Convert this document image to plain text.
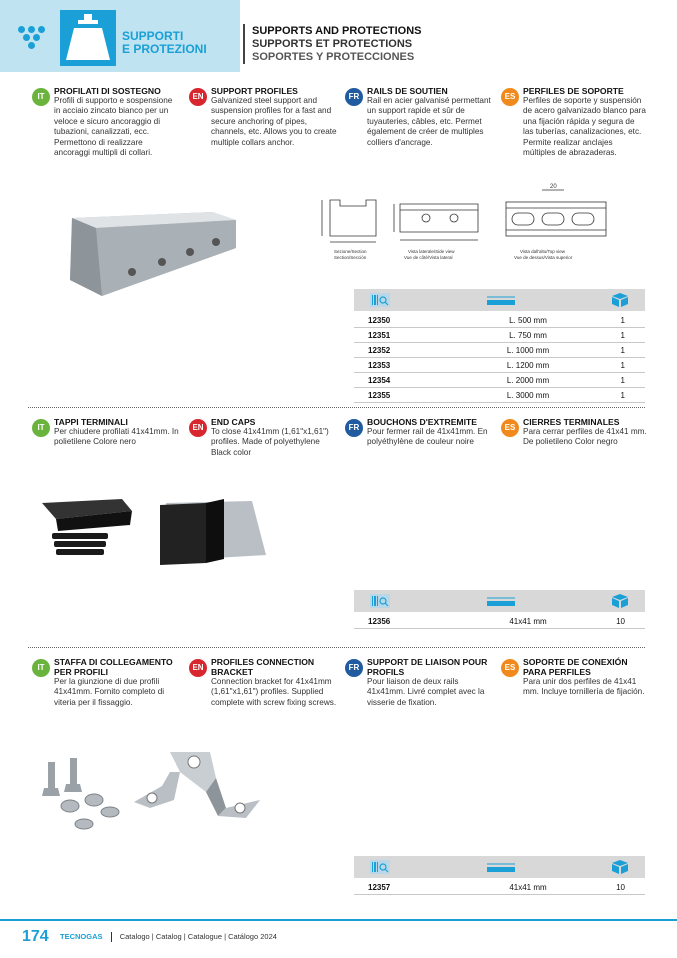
SUPPORTI
E PROTEZIONI
SUPPORTS AND PROTECTIONS
SUPPORTS ET PROTECTIONS
SOPORTES Y PROTECCIONES
IT
PROFILATI DI SOSTEGNO
Profili di supporto e sospensione in acciaio zincato bianco per un veloce e sicuro ancoraggio di tubazioni, canalizzati, ecc. Permettono di realizzare ancoraggi multipli di collari.
EN
SUPPORT PROFILES
Galvanized steel support and suspension profiles for a fast and secure anchoring of pipes, channels, etc. Allows you to create multiple collars anchor.
FR
RAILS DE SOUTIEN
Rail en acier galvanisé permettant un support rapide et sûr de tuyauteries, câbles, etc. Permet également de créer de multiples colliers d'ancrage.
ES
PERFILES DE SOPORTE
Perfiles de soporte y suspensión de acero galvanizado blanco para una fijación rápida y segura de las tuberías, canalizaciones, etc. Permite realizar anclajes múltiples de abrazaderas.
20
Sezione/Section
Section/Sección
Vista laterale/Side view
Vue de côté/Vista lateral
Vista dall'alto/Top view
Vue de dessus/Vista superior
12350	L. 500 mm	1
12351	L. 750 mm	1
12352	L. 1000 mm	1
12353	L. 1200 mm	1
12354	L. 2000 mm	1
12355	L. 3000 mm	1
IT
TAPPI TERMINALI
Per chiudere profilati 41x41mm. In polietilene Colore nero
EN
END CAPS
To close 41x41mm (1,61"x1,61") profiles. Made of polyethylene Black color
FR
BOUCHONS D'EXTREMITE
Pour fermer rail de 41x41mm. En polyéthylène de couleur noire
ES
CIERRES TERMINALES
Para cerrar perfiles de 41x41 mm. De polietileno Color negro
12356	41x41 mm	10
IT
STAFFA DI COLLEGAMENTO PER PROFILI
Per la giunzione di due profili 41x41mm. Fornito completo di viteria per il fissaggio.
EN
PROFILES CONNECTION BRACKET
Connection bracket for 41x41mm (1,61"x1,61") profiles. Supplied complete with screw fixing screws.
FR
SUPPORT DE LIAISON POUR PROFILS
Pour liaison de deux rails 41x41mm. Livré complet avec la visserie de fixation.
ES
SOPORTE DE CONEXIÓN PARA PERFILES
Para unir dos perfiles de 41x41 mm. Incluye tornillería de fijación.
12357	41x41 mm	10
174 TECNOGAS Catalogo | Catalog | Catalogue | Catálogo 2024
